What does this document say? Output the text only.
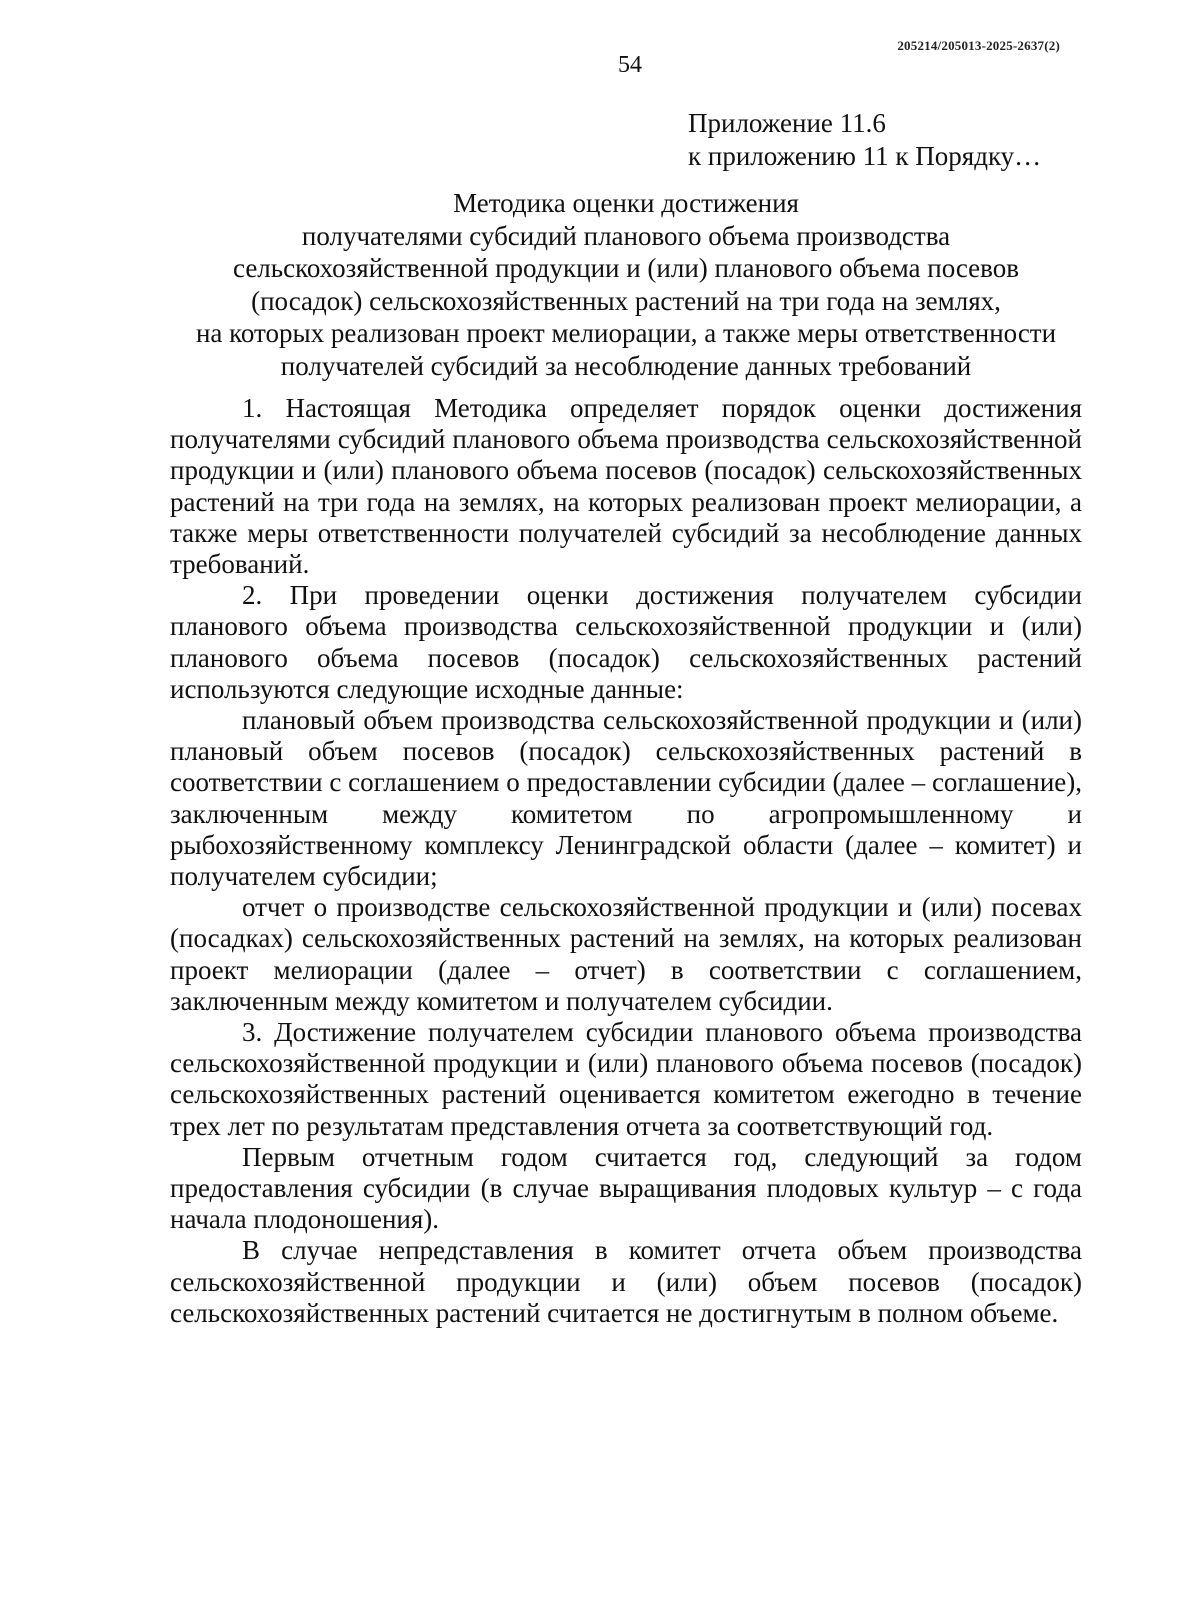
205214/205013-2025-2637(2)
54
Приложение 11.6
к приложению 11 к Порядку…
Методика оценки достижения
получателями субсидий планового объема производства
сельскохозяйственной продукции и (или) планового объема посевов
(посадок) сельскохозяйственных растений на три года на землях,
на которых реализован проект мелиорации, а также меры ответственности
получателей субсидий за несоблюдение данных требований

1. Настоящая Методика определяет порядок оценки достижения получателями субсидий планового объема производства сельскохозяйственной продукции и (или) планового объема посевов (посадок) сельскохозяйственных растений на три года на землях, на которых реализован проект мелиорации, а также меры ответственности получателей субсидий за несоблюдение данных требований.

2. При проведении оценки достижения получателем субсидии планового объема производства сельскохозяйственной продукции и (или) планового объема посевов (посадок) сельскохозяйственных растений используются следующие исходные данные:

плановый объем производства сельскохозяйственной продукции и (или) плановый объем посевов (посадок) сельскохозяйственных растений в соответствии с соглашением о предоставлении субсидии (далее – соглашение), заключенным между комитетом по агропромышленному и рыбохозяйственному комплексу Ленинградской области (далее – комитет) и получателем субсидии;

отчет о производстве сельскохозяйственной продукции и (или) посевах (посадках) сельскохозяйственных растений на землях, на которых реализован проект мелиорации (далее – отчет) в соответствии с соглашением, заключенным между комитетом и получателем субсидии.

3. Достижение получателем субсидии планового объема производства сельскохозяйственной продукции и (или) планового объема посевов (посадок) сельскохозяйственных растений оценивается комитетом ежегодно в течение трех лет по результатам представления отчета за соответствующий год.

Первым отчетным годом считается год, следующий за годом предоставления субсидии (в случае выращивания плодовых культур – с года начала плодоношения).

В случае непредставления в комитет отчета объем производства сельскохозяйственной продукции и (или) объем посевов (посадок) сельскохозяйственных растений считается не достигнутым в полном объеме.
